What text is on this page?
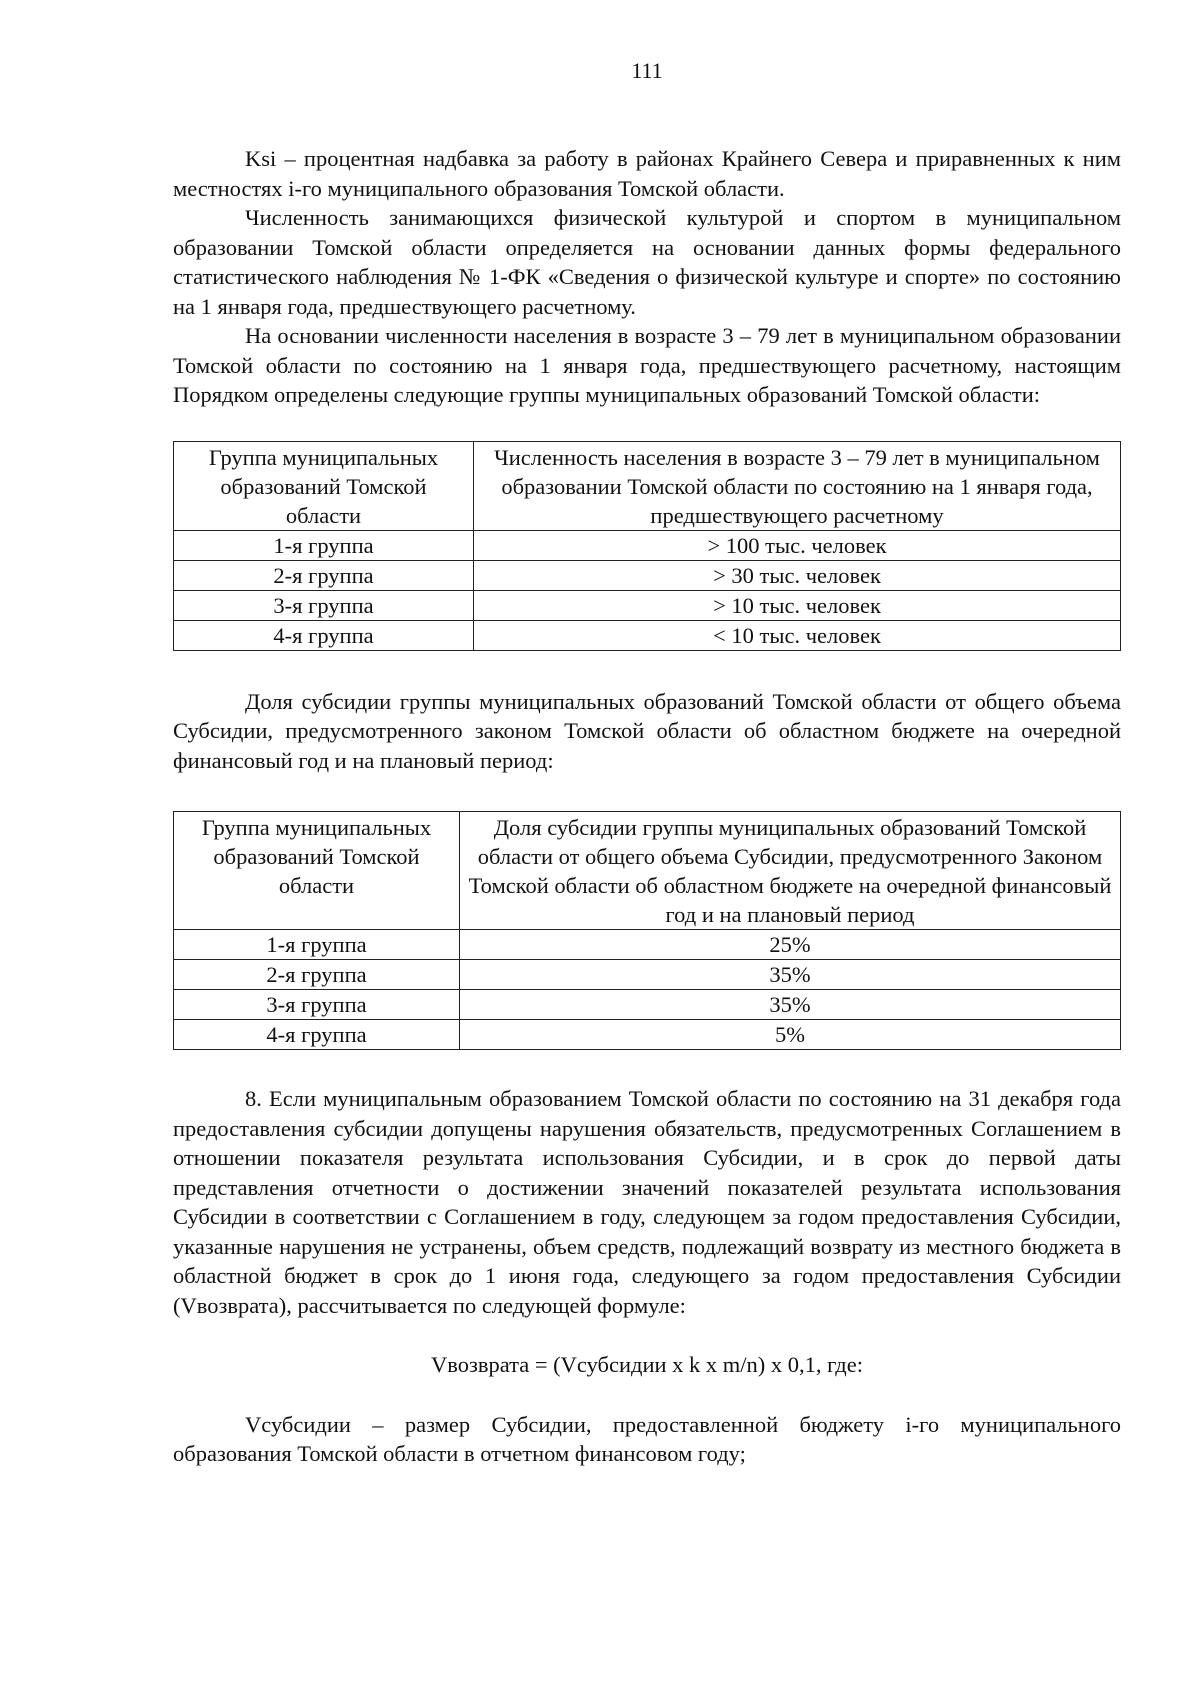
111

Ksi – процентная надбавка за работу в районах Крайнего Севера и приравненных к ним местностях i-го муниципального образования Томской области.

Численность занимающихся физической культурой и спортом в муниципальном образовании Томской области определяется на основании данных формы федерального статистического наблюдения № 1-ФК «Сведения о физической культуре и спорте» по состоянию на 1 января года, предшествующего расчетному.

На основании численности населения в возрасте 3 – 79 лет в муниципальном образовании Томской области по состоянию на 1 января года, предшествующего расчетному, настоящим Порядком определены следующие группы муниципальных образований Томской области:

Группа муниципальных образований Томской области	Численность населения в возрасте 3 – 79 лет в муниципальном образовании Томской области по состоянию на 1 января года, предшествующего расчетному
1-я группа	> 100 тыс. человек
2-я группа	> 30 тыс. человек
3-я группа	> 10 тыс. человек
4-я группа	< 10 тыс. человек

Доля субсидии группы муниципальных образований Томской области от общего объема Субсидии, предусмотренного законом Томской области об областном бюджете на очередной финансовый год и на плановый период:

Группа муниципальных образований Томской области	Доля субсидии группы муниципальных образований Томской области от общего объема Субсидии, предусмотренного Законом Томской области об областном бюджете на очередной финансовый год и на плановый период
1-я группа	25%
2-я группа	35%
3-я группа	35%
4-я группа	5%

8. Если муниципальным образованием Томской области по состоянию на 31 декабря года предоставления субсидии допущены нарушения обязательств, предусмотренных Соглашением в отношении показателя результата использования Субсидии, и в срок до первой даты представления отчетности о достижении значений показателей результата использования Субсидии в соответствии с Соглашением в году, следующем за годом предоставления Субсидии, указанные нарушения не устранены, объем средств, подлежащий возврату из местного бюджета в областной бюджет в срок до 1 июня года, следующего за годом предоставления Субсидии (Vвозврата), рассчитывается по следующей формуле:

Vвозврата = (Vсубсидии x k x m/n) x 0,1, где:

Vсубсидии – размер Субсидии, предоставленной бюджету i-го муниципального образования Томской области в отчетном финансовом году;
